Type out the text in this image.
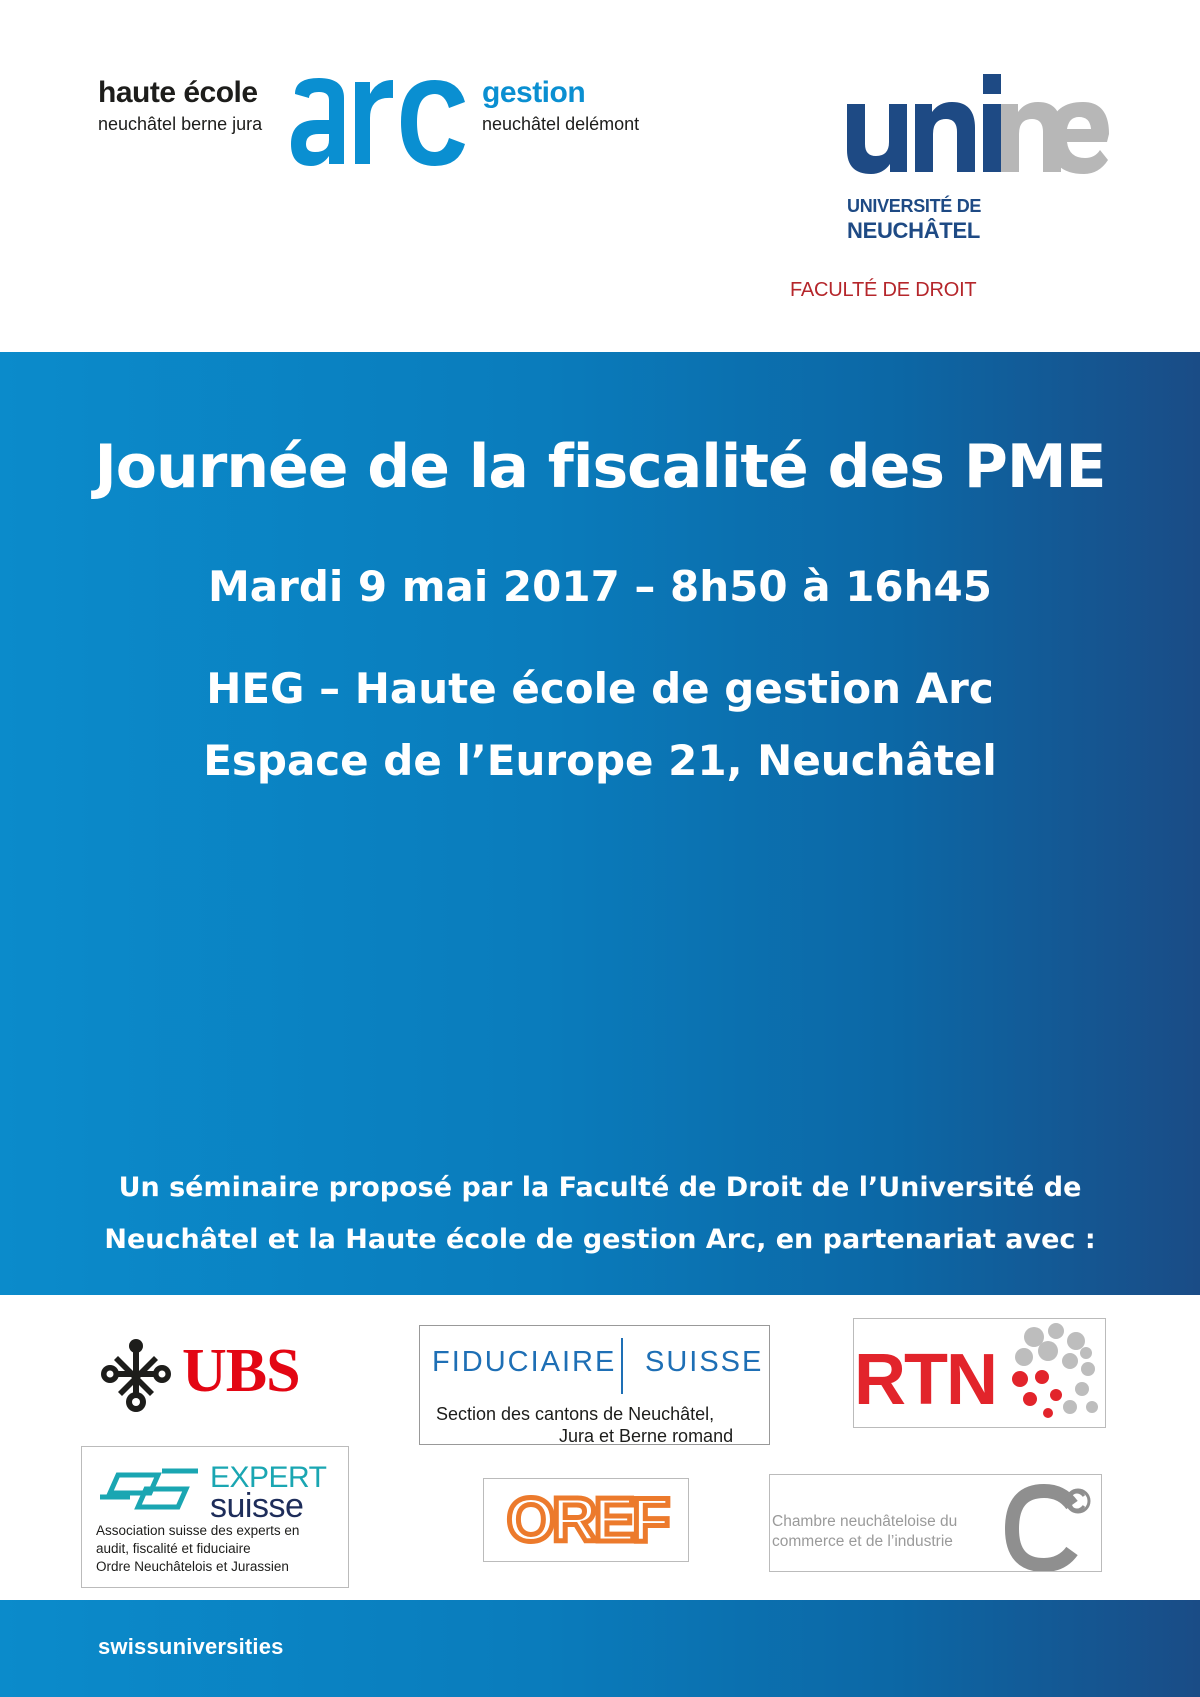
haute école
neuchâtel berne jura
gestion
neuchâtel delémont
UNIVERSITÉ DE
NEUCHÂTEL
FACULTÉ DE DROIT
Journée de la fiscalité des PME
Mardi 9 mai 2017 – 8h50 à 16h45
HEG – Haute école de gestion Arc
Espace de l’Europe 21, Neuchâtel
Un séminaire proposé par la Faculté de Droit de l’Université de
Neuchâtel et la Haute école de gestion Arc, en partenariat avec :
UBS	FIDUCIAIRE SUISSE
Section des cantons de Neuchâtel,
Jura et Berne romand
RTN
EXPERT
suisse
Association suisse des experts en
audit, fiscalité et fiduciaire
Ordre Neuchâtelois et Jurassien
OREF	Chambre neuchâteloise du
commerce et de l’industrie
swissuniversities
